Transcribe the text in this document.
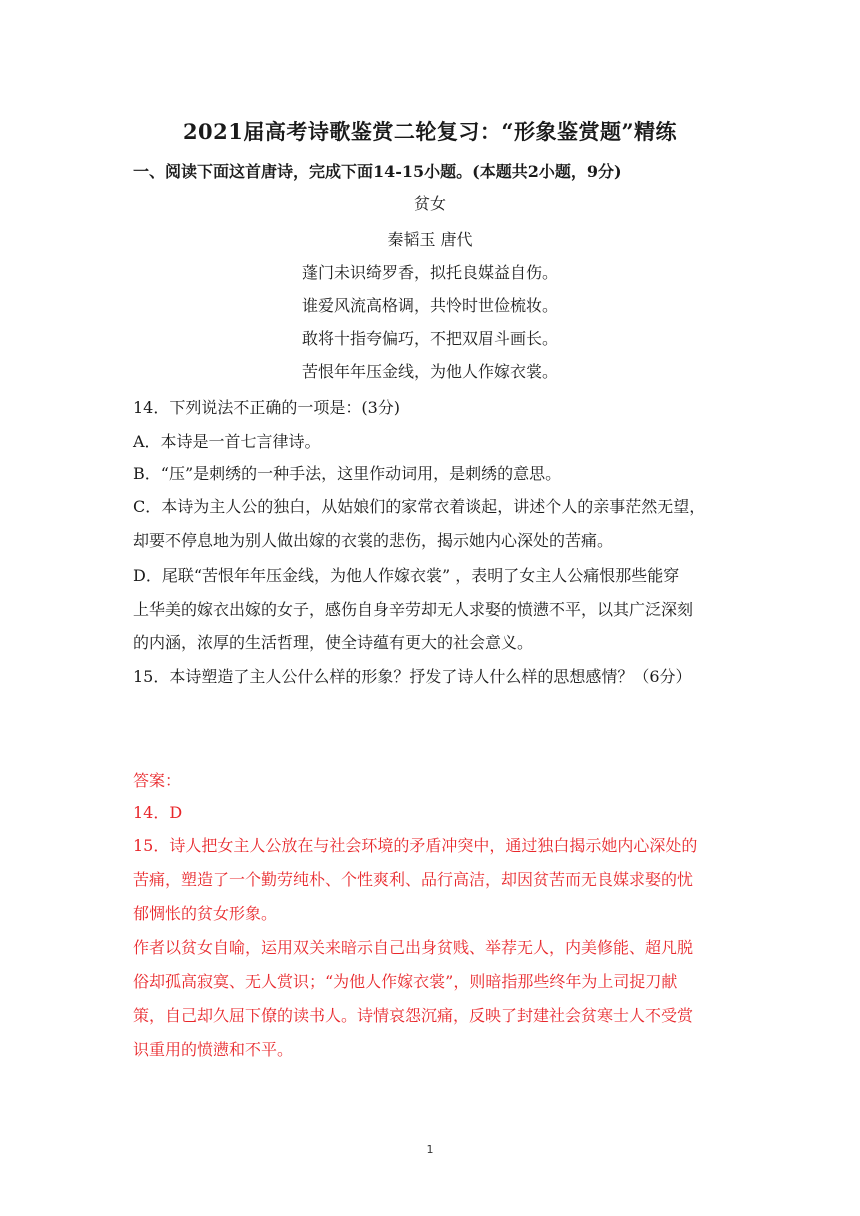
2021届高考诗歌鉴赏二轮复习：“形象鉴赏题”精练
一、阅读下面这首唐诗，完成下面14-15小题。(本题共2小题，9分)
贫女
秦韬玉 唐代
蓬门未识绮罗香，拟托良媒益自伤。
谁爱风流高格调，共怜时世俭梳妆。
敢将十指夸偏巧，不把双眉斗画长。
苦恨年年压金线，为他人作嫁衣裳。
14．下列说法不正确的一项是：(3分)
A．本诗是一首七言律诗。
B．“压”是刺绣的一种手法，这里作动词用，是刺绣的意思。
C．本诗为主人公的独白，从姑娘们的家常衣着谈起，讲述个人的亲事茫然无望，
却要不停息地为别人做出嫁的衣裳的悲伤，揭示她内心深处的苦痛。
D．尾联“苦恨年年压金线，为他人作嫁衣裳” ，表明了女主人公痛恨那些能穿
上华美的嫁衣出嫁的女子，感伤自身辛劳却无人求娶的愤懑不平，以其广泛深刻
的内涵，浓厚的生活哲理，使全诗蕴有更大的社会意义。
15．本诗塑造了主人公什么样的形象？抒发了诗人什么样的思想感情？（6分）
答案：
14．D
15．诗人把女主人公放在与社会环境的矛盾冲突中，通过独白揭示她内心深处的
苦痛，塑造了一个勤劳纯朴、个性爽利、品行高洁，却因贫苦而无良媒求娶的忧
郁惆怅的贫女形象。
作者以贫女自喻，运用双关来暗示自己出身贫贱、举荐无人，内美修能、超凡脱
俗却孤高寂寞、无人赏识；“为他人作嫁衣裳”，则暗指那些终年为上司捉刀献
策，自己却久屈下僚的读书人。诗情哀怨沉痛，反映了封建社会贫寒士人不受赏
识重用的愤懑和不平。
1
